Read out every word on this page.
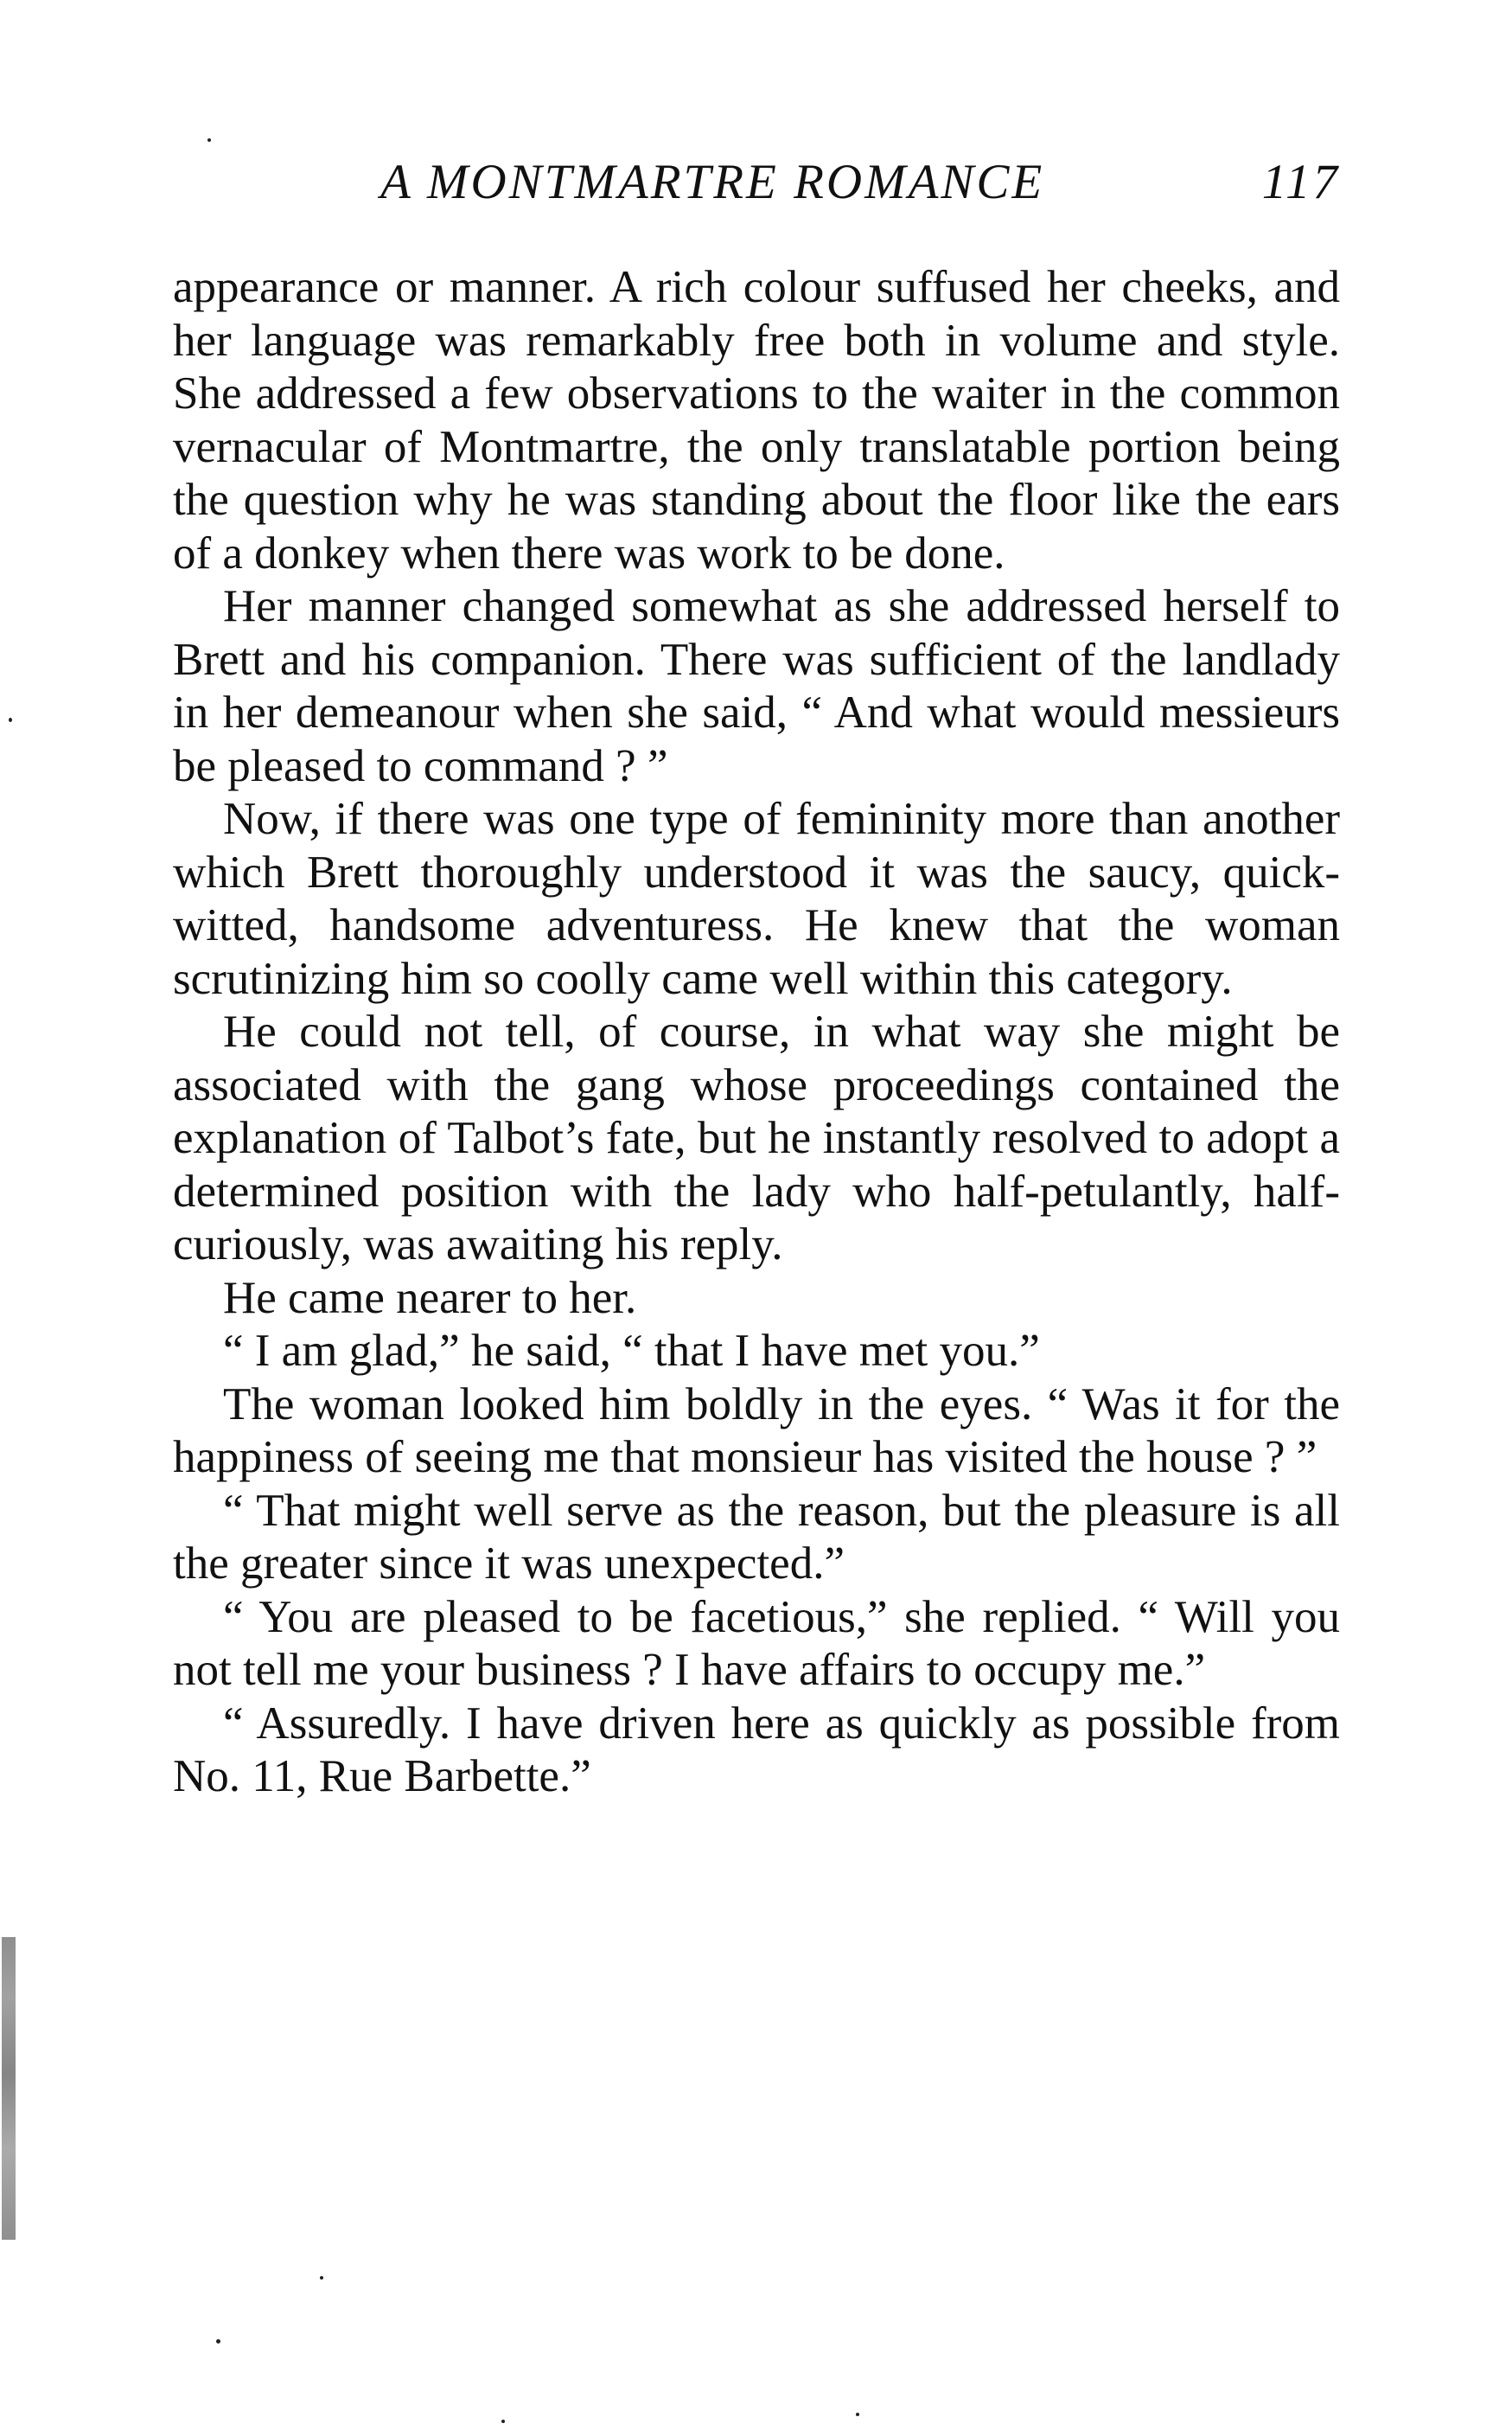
A MONTMARTRE ROMANCE	117

appearance or manner. A rich colour suffused her cheeks, and her language was remarkably free both in volume and style. She addressed a few observations to the waiter in the common vernacular of Montmartre, the only translatable portion being the question why he was standing about the floor like the ears of a donkey when there was work to be done.

Her manner changed somewhat as she addressed herself to Brett and his companion. There was sufficient of the landlady in her demeanour when she said, “ And what would messieurs be pleased to command ? ”

Now, if there was one type of femininity more than another which Brett thoroughly understood it was the saucy, quick-witted, handsome adventuress. He knew that the woman scrutinizing him so coolly came well within this category.

He could not tell, of course, in what way she might be associated with the gang whose proceedings contained the explanation of Talbot’s fate, but he instantly resolved to adopt a determined position with the lady who half-petulantly, half-curiously, was awaiting his reply.

He came nearer to her.

“ I am glad,” he said, “ that I have met you.”

The woman looked him boldly in the eyes. “ Was it for the happiness of seeing me that monsieur has visited the house ? ”

“ That might well serve as the reason, but the pleasure is all the greater since it was unexpected.”

“ You are pleased to be facetious,” she replied. “ Will you not tell me your business ? I have affairs to occupy me.”

“ Assuredly. I have driven here as quickly as possible from No. 11, Rue Barbette.”
